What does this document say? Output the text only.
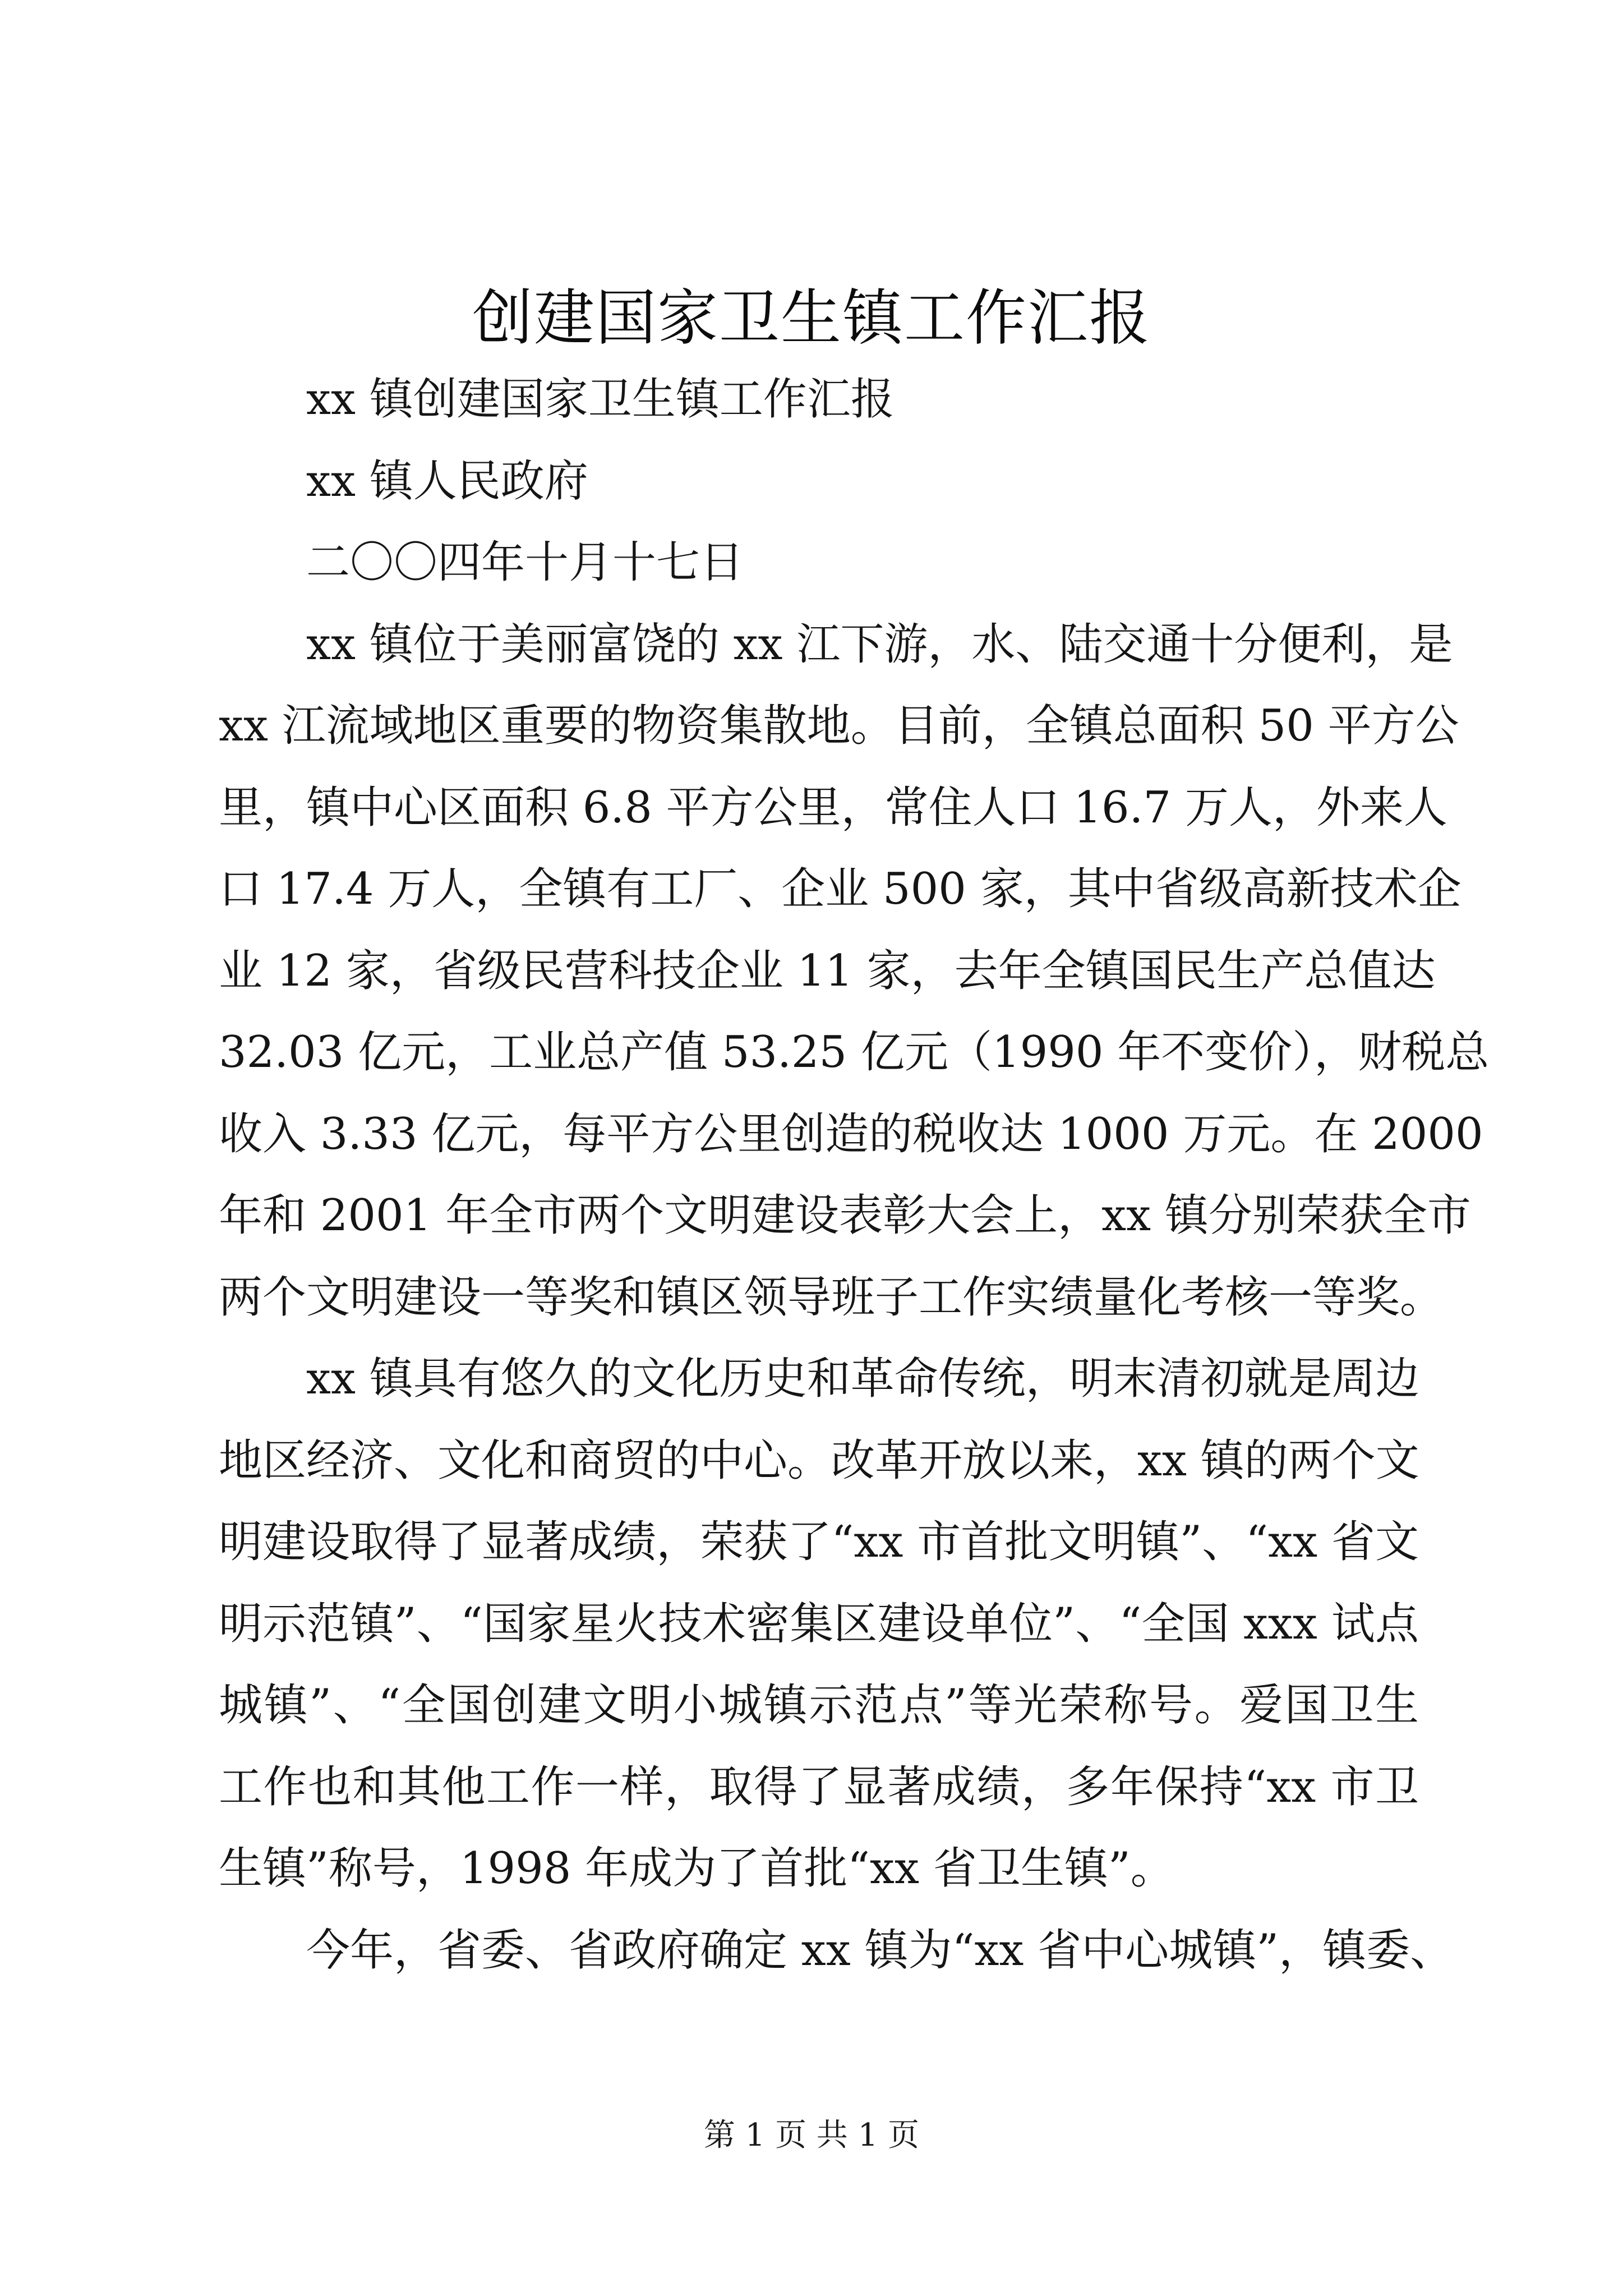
创建国家卫生镇工作汇报
xx 镇创建国家卫生镇工作汇报
xx 镇人民政府
二〇〇四年十月十七日
xx 镇位于美丽富饶的 xx 江下游，水、陆交通十分便利，是
xx 江流域地区重要的物资集散地。目前，全镇总面积 50 平方公
里，镇中心区面积 6.8 平方公里，常住人口 16.7 万人，外来人
口 17.4 万人，全镇有工厂、企业 500 家，其中省级高新技术企
业 12 家，省级民营科技企业 11 家，去年全镇国民生产总值达
32.03 亿元，工业总产值 53.25 亿元（1990 年不变价），财税总
收入 3.33 亿元，每平方公里创造的税收达 1000 万元。在 2000
年和 2001 年全市两个文明建设表彰大会上，xx 镇分别荣获全市
两个文明建设一等奖和镇区领导班子工作实绩量化考核一等奖。
xx 镇具有悠久的文化历史和革命传统，明末清初就是周边
地区经济、文化和商贸的中心。改革开放以来，xx 镇的两个文
明建设取得了显著成绩，荣获了“xx 市首批文明镇”、“xx 省文
明示范镇”、“国家星火技术密集区建设单位”、“全国 xxx 试点
城镇”、“全国创建文明小城镇示范点”等光荣称号。爱国卫生
工作也和其他工作一样，取得了显著成绩，多年保持“xx 市卫
生镇”称号，1998 年成为了首批“xx 省卫生镇”。
今年，省委、省政府确定 xx 镇为“xx 省中心城镇”，镇委、
第 1 页 共 1 页
